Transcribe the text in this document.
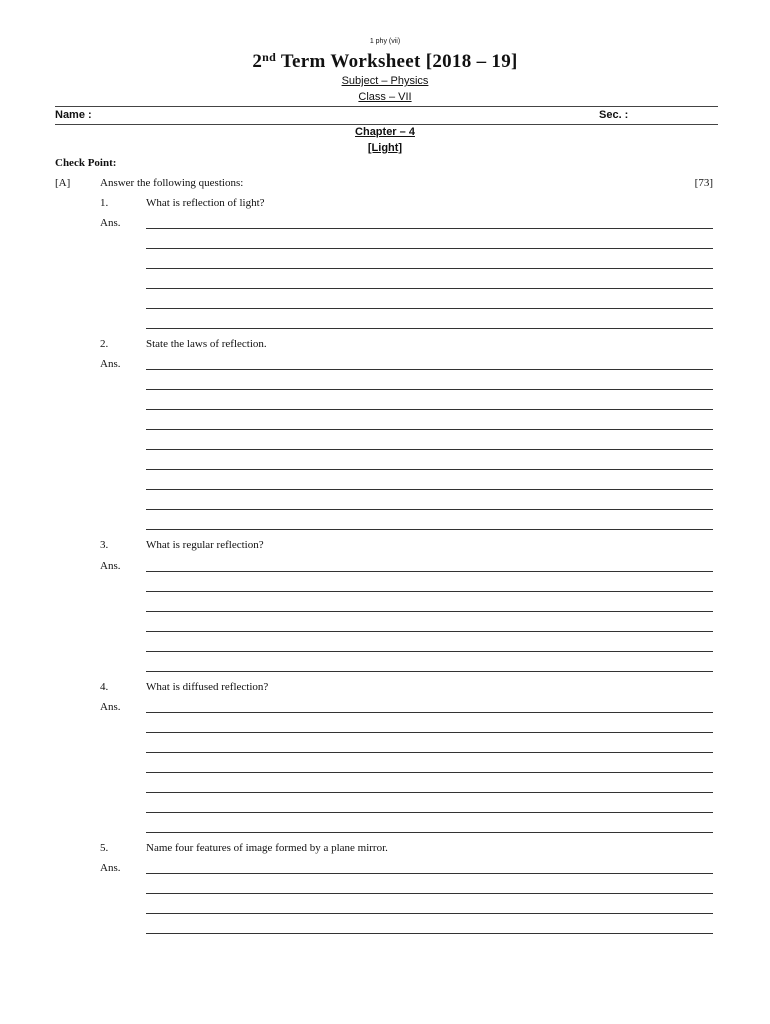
1 phy (vii)
2nd Term Worksheet [2018 – 19]
Subject – Physics
Class – VII
Name :	Sec. :
Chapter – 4
[Light]
Check Point:
[A]	Answer the following questions:	[73]
1.	What is reflection of light?
Ans.
2.	State the laws of reflection.
Ans.
3.	What is regular reflection?
Ans.
4.	What is diffused reflection?
Ans.
5.	Name four features of image formed by a plane mirror.
Ans.
